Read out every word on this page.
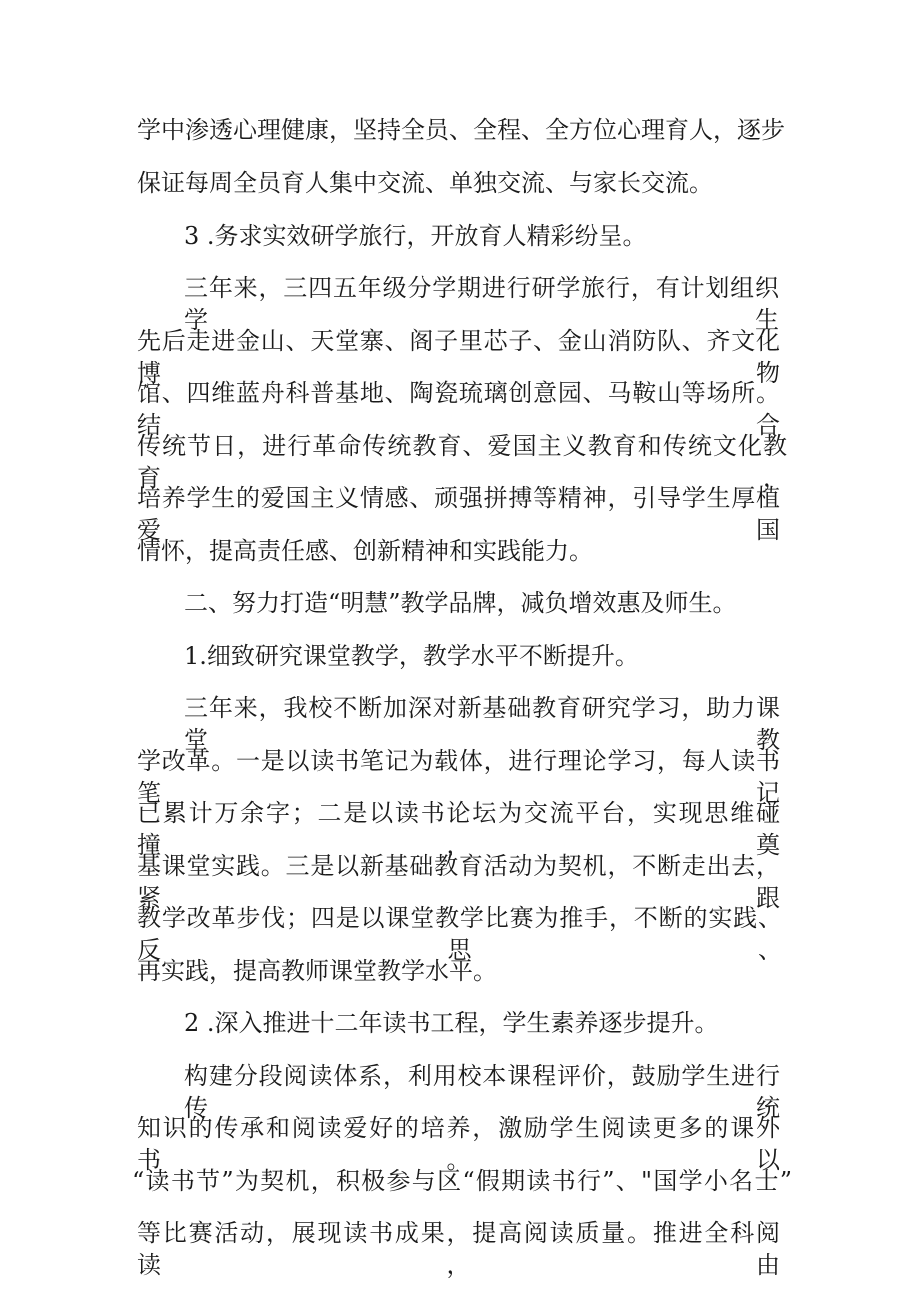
学中渗透心理健康，坚持全员、全程、全方位心理育人，逐步
保证每周全员育人集中交流、单独交流、与家长交流。
3 .务求实效研学旅行，开放育人精彩纷呈。
三年来，三四五年级分学期进行研学旅行，有计划组织学生
先后走进金山、天堂寨、阁子里芯子、金山消防队、齐文化博物
馆、四维蓝舟科普基地、陶瓷琉璃创意园、马鞍山等场所。结合
传统节日，进行革命传统教育、爱国主义教育和传统文化教育，
培养学生的爱国主义情感、顽强拼搏等精神，引导学生厚植爱国
情怀，提高责任感、创新精神和实践能力。
二、努力打造“明慧”教学品牌，减负增效惠及师生。
1.细致研究课堂教学，教学水平不断提升。
三年来，我校不断加深对新基础教育研究学习，助力课堂教
学改革。一是以读书笔记为载体，进行理论学习，每人读书笔记
已累计万余字；二是以读书论坛为交流平台，实现思维碰撞，奠
基课堂实践。三是以新基础教育活动为契机，不断走出去，紧跟
教学改革步伐；四是以课堂教学比赛为推手，不断的实践、反思、
再实践，提高教师课堂教学水平。
2 .深入推进十二年读书工程，学生素养逐步提升。
构建分段阅读体系，利用校本课程评价，鼓励学生进行传统
知识的传承和阅读爱好的培养，激励学生阅读更多的课外书。以
“读书节”为契机，积极参与区“假期读书行”、"国学小名士”
等比赛活动，展现读书成果，提高阅读质量。推进全科阅读，由
